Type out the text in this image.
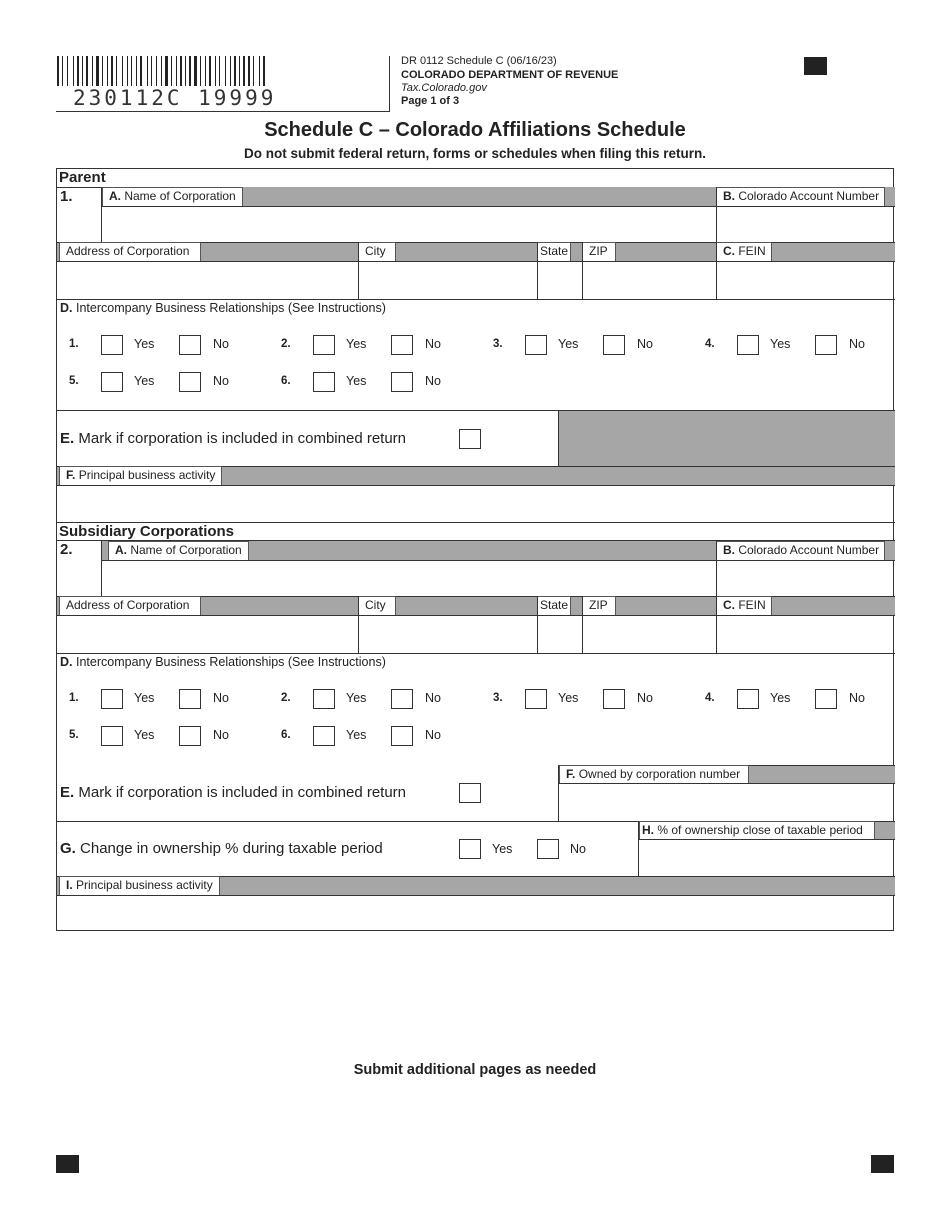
230112C 19999
DR 0112 Schedule C (06/16/23)
COLORADO DEPARTMENT OF REVENUE
Tax.Colorado.gov
Page 1 of 3
Schedule C – Colorado Affiliations Schedule
Do not submit federal return, forms or schedules when filing this return.
Parent
1.	A. Name of Corporation	B. Colorado Account Number
Address of Corporation	City	State	ZIP	C. FEIN
D. Intercompany Business Relationships (See Instructions)
1.	Yes	No	2.	Yes	No	3.	Yes	No	4.	Yes	No
5.	Yes	No	6.	Yes	No
E. Mark if corporation is included in combined return
F. Principal business activity
Subsidiary Corporations
2.	A. Name of Corporation	B. Colorado Account Number
Address of Corporation	City	State	ZIP	C. FEIN
D. Intercompany Business Relationships (See Instructions)
1.	Yes	No	2.	Yes	No	3.	Yes	No	4.	Yes	No
5.	Yes	No	6.	Yes	No
F. Owned by corporation number
E. Mark if corporation is included in combined return
G. Change in ownership % during taxable period	Yes	No
H. % of ownership close of taxable period
I. Principal business activity
Submit additional pages as needed
